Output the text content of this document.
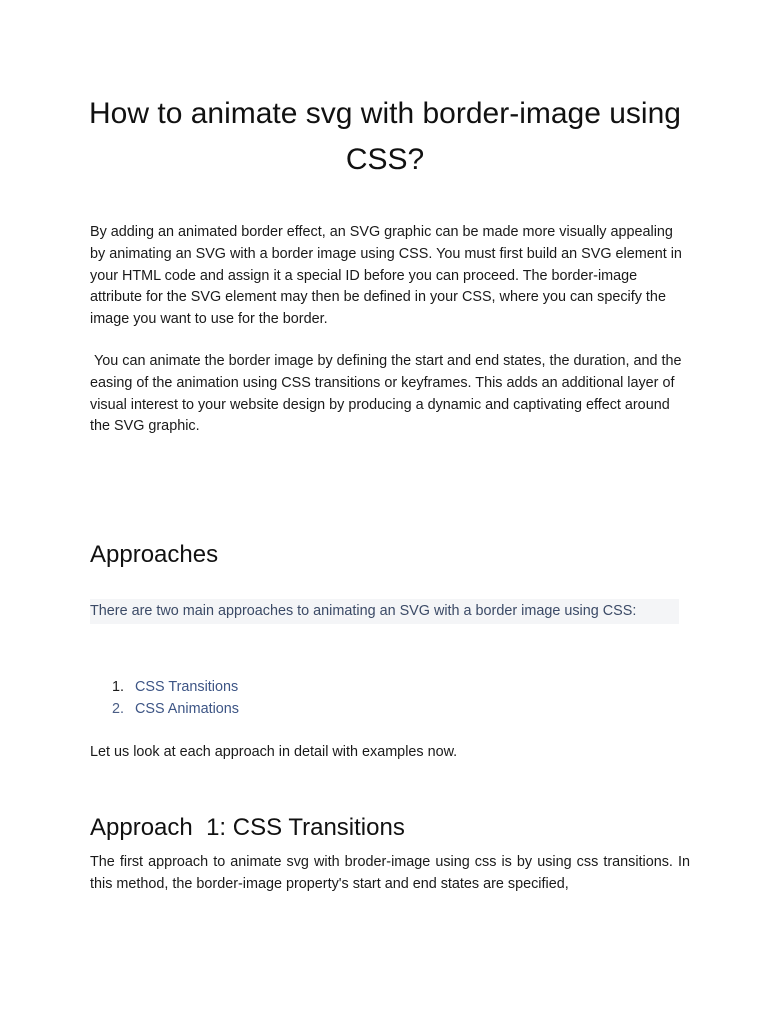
How to animate svg with border-image using CSS?
By adding an animated border effect, an SVG graphic can be made more visually appealing by animating an SVG with a border image using CSS. You must first build an SVG element in your HTML code and assign it a special ID before you can proceed. The border-image attribute for the SVG element may then be defined in your CSS, where you can specify the image you want to use for the border.
You can animate the border image by defining the start and end states, the duration, and the easing of the animation using CSS transitions or keyframes. This adds an additional layer of visual interest to your website design by producing a dynamic and captivating effect around the SVG graphic.
Approaches
There are two main approaches to animating an SVG with a border image using CSS:
1. CSS Transitions
2. CSS Animations
Let us look at each approach in detail with examples now.
Approach  1: CSS Transitions
The first approach to animate svg with broder-image using css is by using css transitions. In this method, the border-image property's start and end states are specified,
